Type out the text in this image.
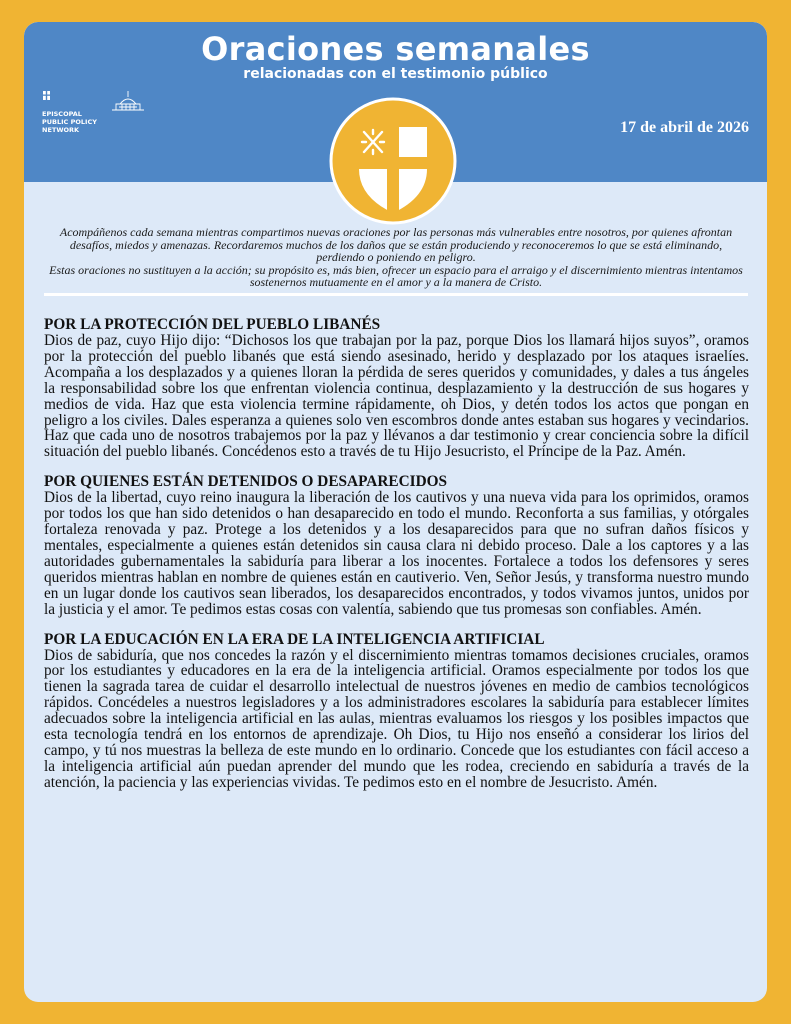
Oraciones semanales
relacionadas con el testimonio público
EPISCOPAL
PUBLIC POLICY
NETWORK	17 de abril de 2026
Acompáñenos cada semana mientras compartimos nuevas oraciones por las personas más vulnerables entre nosotros, por quienes afrontan desafíos, miedos y amenazas. Recordaremos muchos de los daños que se están produciendo y reconoceremos lo que se está eliminando, perdiendo o poniendo en peligro.
Estas oraciones no sustituyen a la acción; su propósito es, más bien, ofrecer un espacio para el arraigo y el discernimiento mientras intentamos sostenernos mutuamente en el amor y a la manera de Cristo.

POR LA PROTECCIÓN DEL PUEBLO LIBANÉS

Dios de paz, cuyo Hijo dijo: “Dichosos los que trabajan por la paz, porque Dios los llamará hijos suyos”, oramos por la protección del pueblo libanés que está siendo asesinado, herido y desplazado por los ataques israelíes. Acompaña a los desplazados y a quienes lloran la pérdida de seres queridos y comunidades, y dales a tus ángeles la responsabilidad sobre los que enfrentan violencia continua, desplazamiento y la destrucción de sus hogares y medios de vida. Haz que esta violencia termine rápidamente, oh Dios, y detén todos los actos que pongan en peligro a los civiles. Dales esperanza a quienes solo ven escombros donde antes estaban sus hogares y vecindarios. Haz que cada uno de nosotros trabajemos por la paz y llévanos a dar testimonio y crear conciencia sobre la difícil situación del pueblo libanés. Concédenos esto a través de tu Hijo Jesucristo, el Príncipe de la Paz. Amén.

POR QUIENES ESTÁN DETENIDOS O DESAPARECIDOS

Dios de la libertad, cuyo reino inaugura la liberación de los cautivos y una nueva vida para los oprimidos, oramos por todos los que han sido detenidos o han desaparecido en todo el mundo. Reconforta a sus familias, y otórgales fortaleza renovada y paz. Protege a los detenidos y a los desaparecidos para que no sufran daños físicos y mentales, especialmente a quienes están detenidos sin causa clara ni debido proceso. Dale a los captores y a las autoridades gubernamentales la sabiduría para liberar a los inocentes. Fortalece a todos los defensores y seres queridos mientras hablan en nombre de quienes están en cautiverio. Ven, Señor Jesús, y transforma nuestro mundo en un lugar donde los cautivos sean liberados, los desaparecidos encontrados, y todos vivamos juntos, unidos por la justicia y el amor. Te pedimos estas cosas con valentía, sabiendo que tus promesas son confiables. Amén.

POR LA EDUCACIÓN EN LA ERA DE LA INTELIGENCIA ARTIFICIAL

Dios de sabiduría, que nos concedes la razón y el discernimiento mientras tomamos decisiones cruciales, oramos por los estudiantes y educadores en la era de la inteligencia artificial. Oramos especialmente por todos los que tienen la sagrada tarea de cuidar el desarrollo intelectual de nuestros jóvenes en medio de cambios tecnológicos rápidos. Concédeles a nuestros legisladores y a los administradores escolares la sabiduría para establecer límites adecuados sobre la inteligencia artificial en las aulas, mientras evaluamos los riesgos y los posibles impactos que esta tecnología tendrá en los entornos de aprendizaje. Oh Dios, tu Hijo nos enseñó a considerar los lirios del campo, y tú nos muestras la belleza de este mundo en lo ordinario. Concede que los estudiantes con fácil acceso a la inteligencia artificial aún puedan aprender del mundo que les rodea, creciendo en sabiduría a través de la atención, la paciencia y las experiencias vividas. Te pedimos esto en el nombre de Jesucristo. Amén.
